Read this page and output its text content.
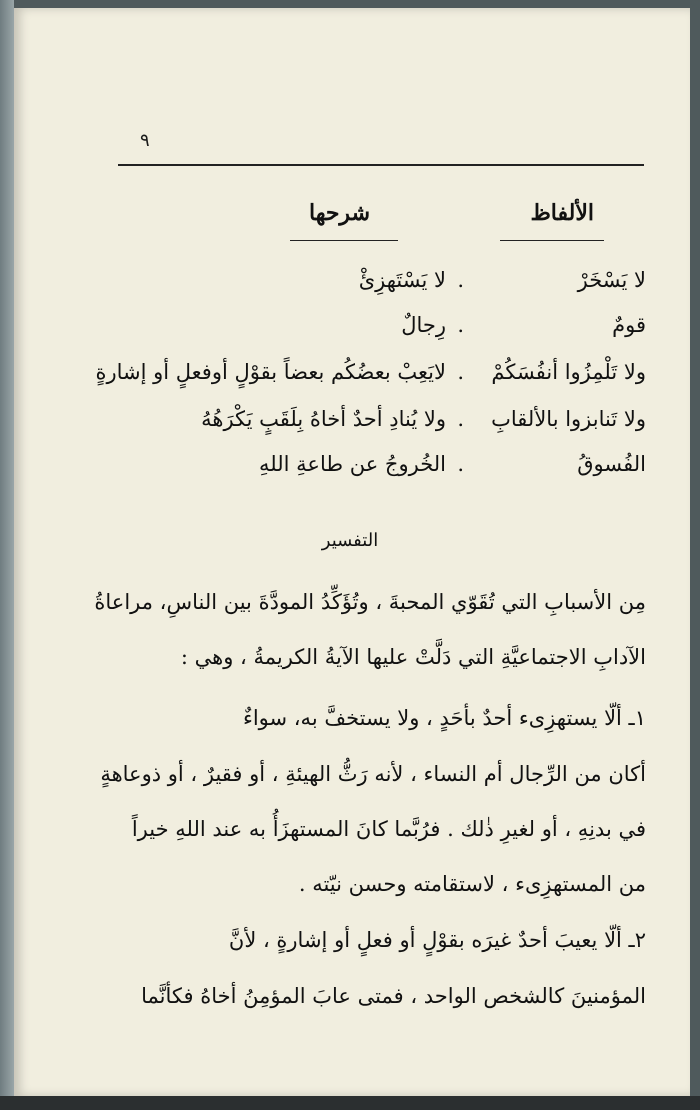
‌ ‌ ‌ ‌ ‌
٩
الألفاظ
شرحها
لا يَسْخَرْ
.
لا يَسْتَهزِئْ
قومٌ
.
رِجالٌ
ولا تَلْمِزُوا أنفُسَكُمْ
.
لايَعِبْ بعضُكُم بعضاً بقوْلٍ أوفعلٍ أو إشارةٍ
ولا تَنابزوا بالألقابِ
.
ولا يُنادِ أحدٌ أخاهُ بِلَقَبٍ يَكْرَهُهُ
الفُسوقُ
.
الخُروجُ عن طاعةِ اللهِ
التفسير
مِن الأسبابِ التي تُقَوّي المحبةَ ، وتُؤَكِّدُ المودَّةَ بين الناسِ، مراعاةُ
الآدابِ الاجتماعيَّةِ التي دَلَّتْ عليها الآيةُ الكريمةُ ، وهي :
١ـ ألّا يستهزِىء أحدٌ بأحَدٍ ، ولا يستخفَّ به، سواءٌ
أكان من الرِّجال أم النساء ، لأنه رَثُّ الهيئةِ ، أو فقيرٌ ، أو ذوعاهةٍ
في بدنِهِ ، أو لغيرِ ذٰلك . فرُبَّما كانَ المستهزَأُ به عند اللهِ خيراً
من المستهزِىء ، لاستقامته وحسن نيّته .
٢ـ ألّا يعيبَ أحدٌ غيرَه بقوْلٍ أو فعلٍ أو إشارةٍ ، لأنَّ
المؤمنينَ كالشخص الواحد ، فمتى عابَ المؤمِنُ أخاهُ فكأنَّما
